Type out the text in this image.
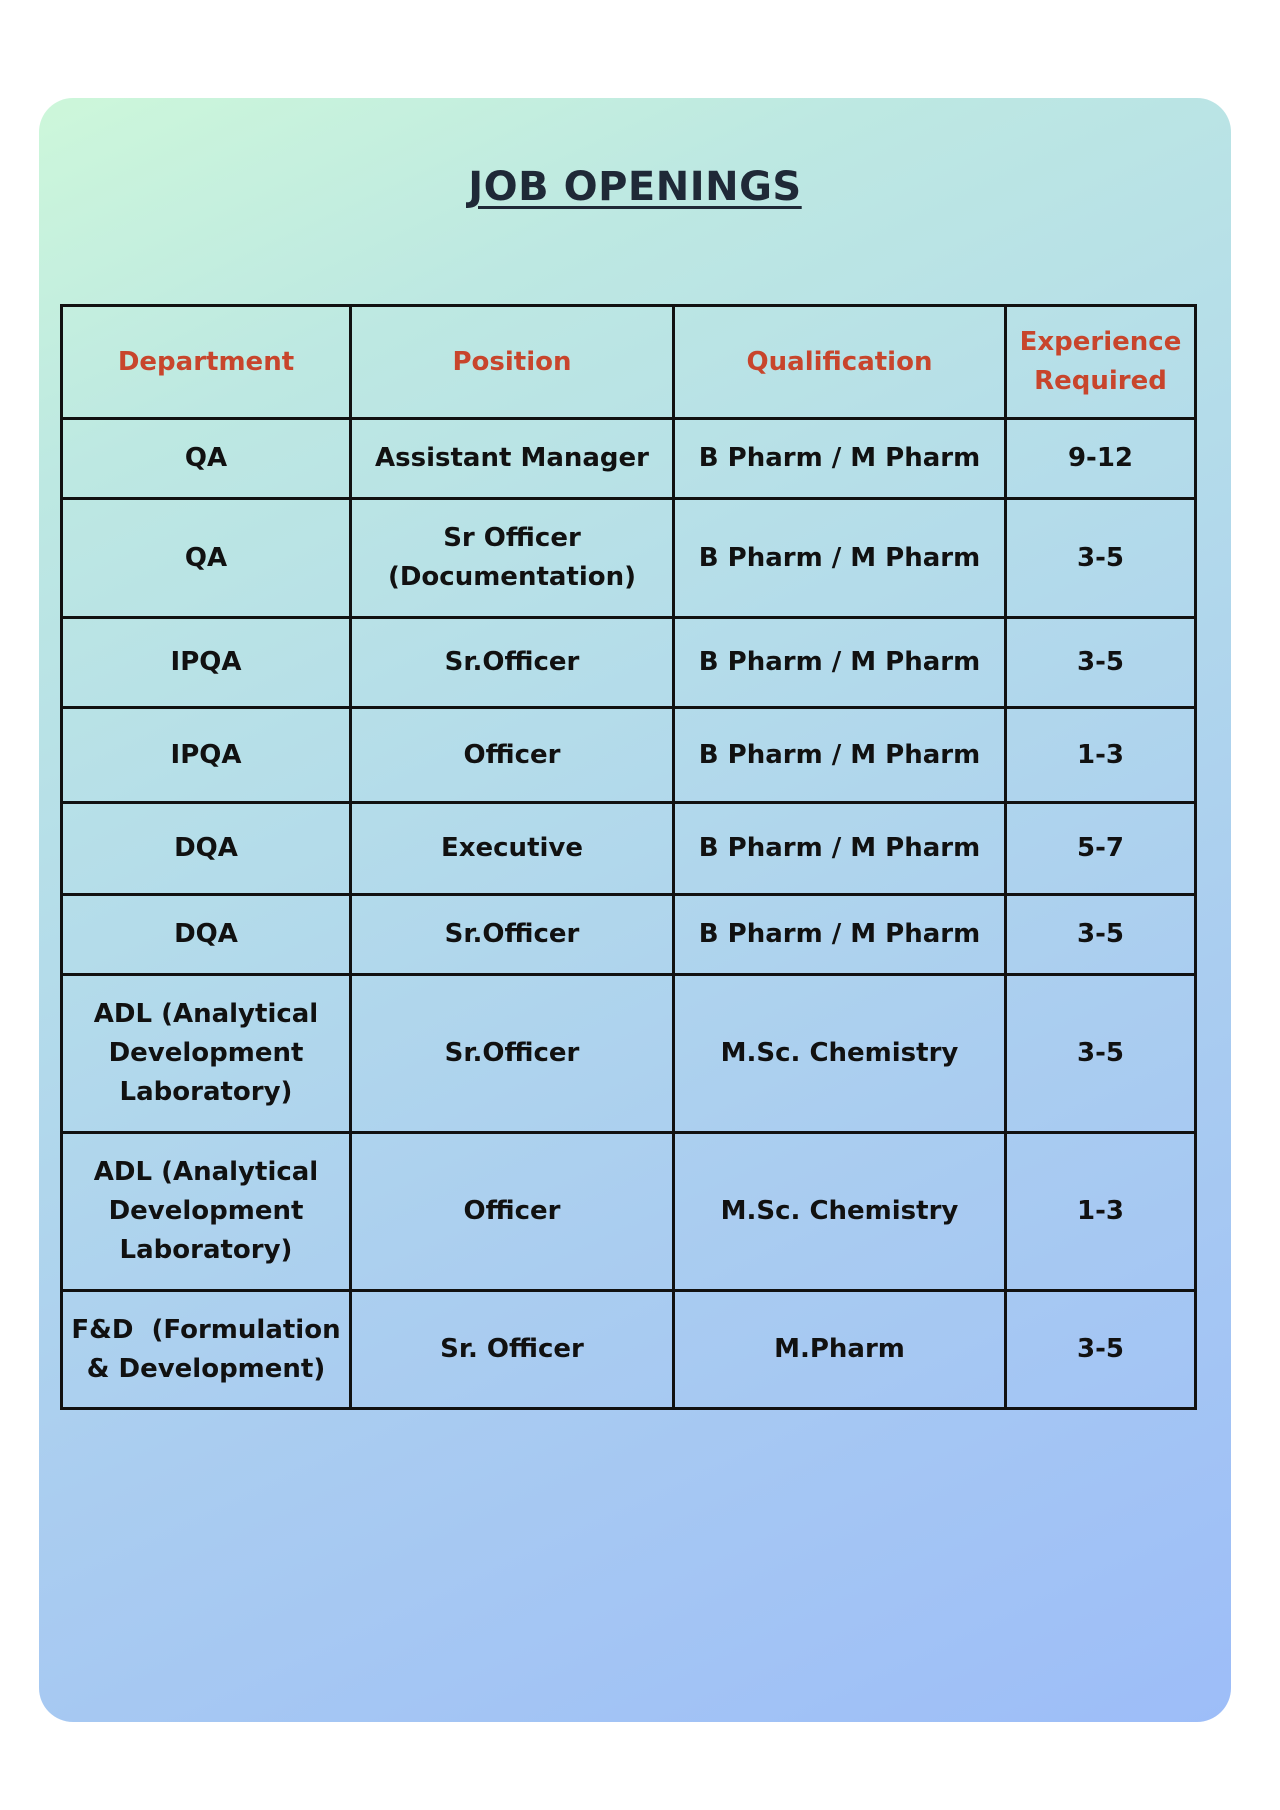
JOB OPENINGS
Department	Position	Qualification	Experience Required
QA	Assistant Manager	B Pharm / M Pharm	9-12
QA	Sr Officer (Documentation)	B Pharm / M Pharm	3-5
IPQA	Sr.Officer	B Pharm / M Pharm	3-5
IPQA	Officer	B Pharm / M Pharm	1-3
DQA	Executive	B Pharm / M Pharm	5-7
DQA	Sr.Officer	B Pharm / M Pharm	3-5
ADL (Analytical Development Laboratory)	Sr.Officer	M.Sc. Chemistry	3-5
ADL (Analytical Development Laboratory)	Officer	M.Sc. Chemistry	1-3
F&D  (Formulation & Development)	Sr. Officer	M.Pharm	3-5
